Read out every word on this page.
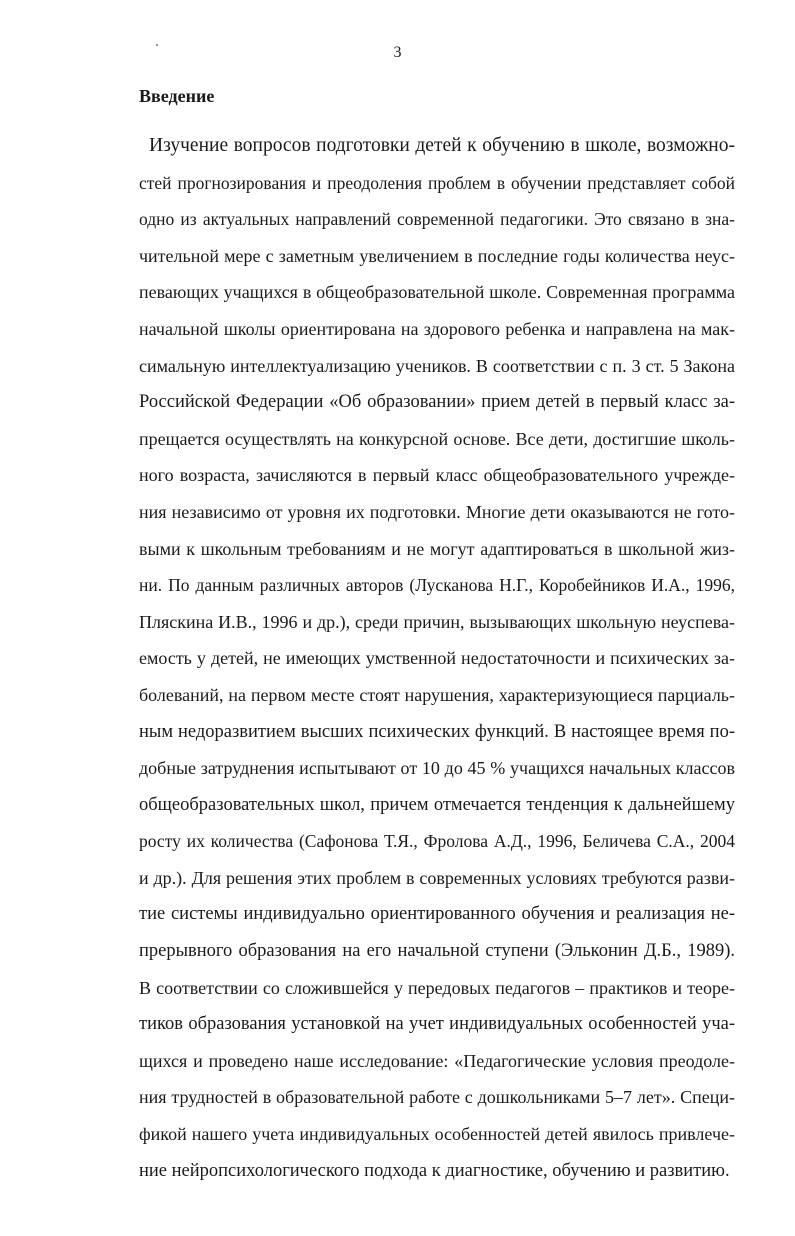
3
Введение
Изучение вопросов подготовки детей к обучению в школе, возможно-
стей прогнозирования и преодоления проблем в обучении представляет собой
одно из актуальных направлений современной педагогики. Это связано в зна-
чительной мере с заметным увеличением в последние годы количества неус-
певающих учащихся в общеобразовательной школе. Современная программа
начальной школы ориентирована на здорового ребенка и направлена на мак-
симальную интеллектуализацию учеников. В соответствии с п. 3 ст. 5 Закона
Российской Федерации «Об образовании» прием детей в первый класс за-
прещается осуществлять на конкурсной основе. Все дети, достигшие школь-
ного возраста, зачисляются в первый класс общеобразовательного учрежде-
ния независимо от уровня их подготовки. Многие дети оказываются не гото-
выми к школьным требованиям и не могут адаптироваться в школьной жиз-
ни. По данным различных авторов (Лусканова Н.Г., Коробейников И.А., 1996,
Пляскина И.В., 1996 и др.), среди причин, вызывающих школьную неуспева-
емость у детей, не имеющих умственной недостаточности и психических за-
болеваний, на первом месте стоят нарушения, характеризующиеся парциаль-
ным недоразвитием высших психических функций. В настоящее время по-
добные затруднения испытывают от 10 до 45 % учащихся начальных классов
общеобразовательных школ, причем отмечается тенденция к дальнейшему
росту их количества (Сафонова Т.Я., Фролова А.Д., 1996, Беличева С.А., 2004
и др.). Для решения этих проблем в современных условиях требуются разви-
тие системы индивидуально ориентированного обучения и реализация не-
прерывного образования на его начальной ступени (Эльконин Д.Б., 1989).
В соответствии со сложившейся у передовых педагогов – практиков и теоре-
тиков образования установкой на учет индивидуальных особенностей уча-
щихся и проведено наше исследование: «Педагогические условия преодоле-
ния трудностей в образовательной работе с дошкольниками 5–7 лет». Специ-
фикой нашего учета индивидуальных особенностей детей явилось привлече-
ние нейропсихологического подхода к диагностике, обучению и развитию.
